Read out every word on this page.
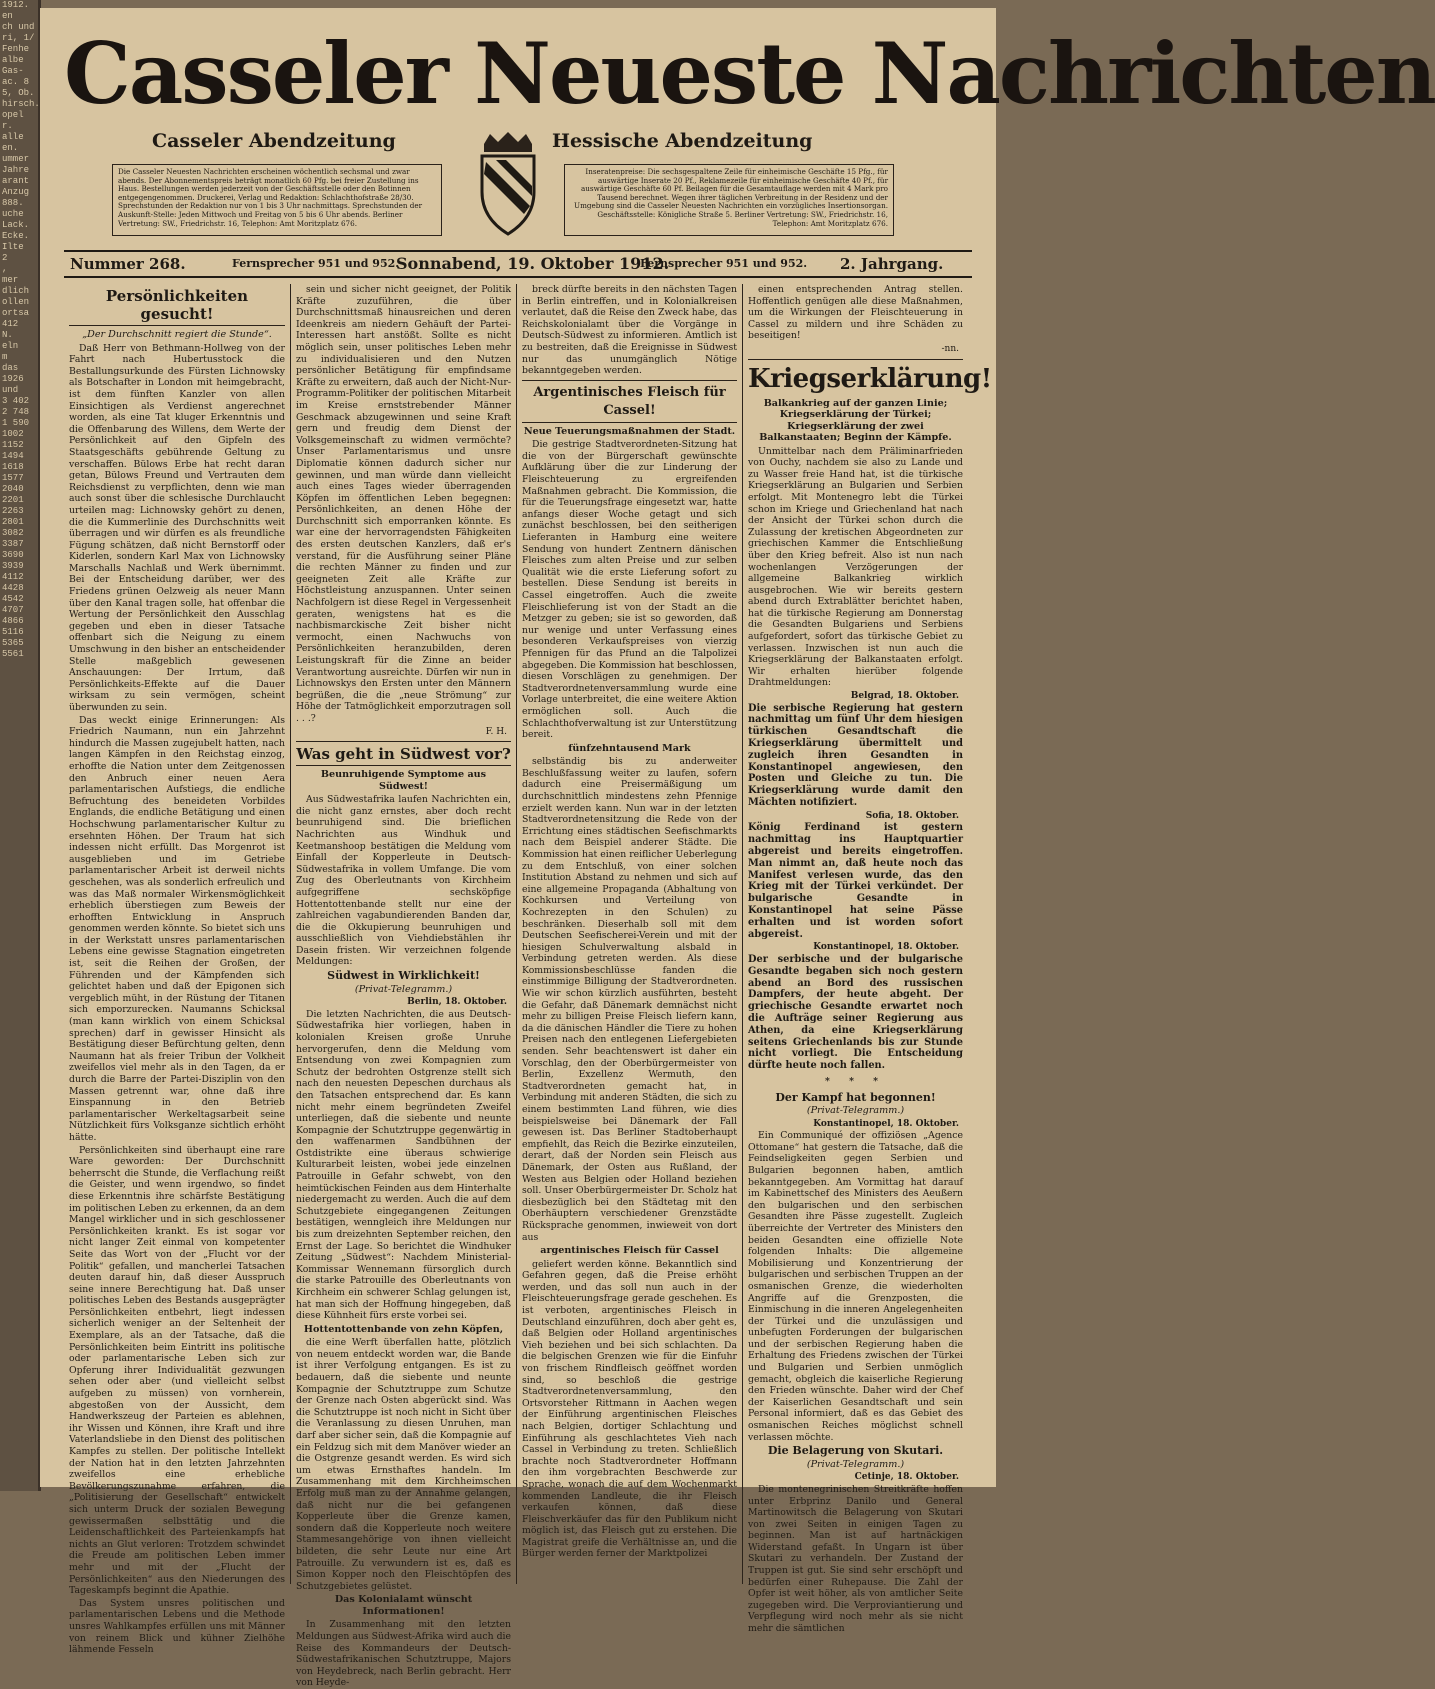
1912.
en
ch und
ri, 1/
Fenhe
albe
Gas-
ac. 8
5, Ob.
hirsch.
opel
r.
alle
en.
ummer
Jahre
arant
Anzug
888.
uche
Lack.
Ecke.
Ilte
2
,
mer
dlich
ollen
ortsa
412
N.
eln
m
das
1926
und
3 402
2 748
1 590
1002
1152
1494
1618
1577
2040
2201
2263
2801
3082
3387
3690
3939
4112
4428
4542
4707
4866
5116
5365
5561
Casseler Neueste Nachrichten
Casseler Abendzeitung	Hessische Abendzeitung
Die Casseler Neuesten Nachrichten erscheinen wöchentlich sechsmal und zwar abends. Der Abonnementspreis beträgt monatlich 60 Pfg. bei freier Zustellung ins Haus. Bestellungen werden jederzeit von der Geschäftsstelle oder den Botinnen entgegengenommen. Druckerei, Verlag und Redaktion: Schlachthofstraße 28/30. Sprechstunden der Redaktion nur von 1 bis 3 Uhr nachmittags. Sprechstunden der Auskunft-Stelle: Jeden Mittwoch und Freitag von 5 bis 6 Uhr abends. Berliner Vertretung: SW., Friedrichstr. 16, Telephon: Amt Moritzplatz 676.
Inseratenpreise: Die sechsgespaltene Zeile für einheimische Geschäfte 15 Pfg., für auswärtige Inserate 20 Pf., Reklamezeile für einheimische Geschäfte 40 Pf., für auswärtige Geschäfte 60 Pf. Beilagen für die Gesamtauflage werden mit 4 Mark pro Tausend berechnet. Wegen ihrer täglichen Verbreitung in der Residenz und der Umgebung sind die Casseler Neuesten Nachrichten ein vorzügliches Insertionsorgan. Geschäftsstelle: Königliche Straße 5. Berliner Vertretung: SW., Friedrichstr. 16, Telephon: Amt Moritzplatz 676.
Nummer 268.	Fernsprecher 951 und 952.
Sonnabend, 19. Oktober 1912.
Fernsprecher 951 und 952. 2. Jahrgang.
Persönlichkeiten gesucht!
„Der Durchschnitt regiert die Stunde“.

Daß Herr von Bethmann-Hollweg von der Fahrt nach Hubertusstock die Bestallungsurkunde des Fürsten Lichnowsky als Botschafter in London mit heimgebracht, ist dem fünften Kanzler von allen Einsichtigen als Verdienst angerechnet worden, als eine Tat kluger Erkenntnis und die Offenbarung des Willens, dem Werte der Persönlichkeit auf den Gipfeln des Staatsgeschäfts gebührende Geltung zu verschaffen. Bülows Erbe hat recht daran getan, Bülows Freund und Vertrauten dem Reichsdienst zu verpflichten, denn wie man auch sonst über die schlesische Durchlaucht urteilen mag: Lichnowsky gehört zu denen, die die Kummerlinie des Durchschnitts weit überragen und wir dürfen es als freundliche Fügung schätzen, daß nicht Bernstorff oder Kiderlen, sondern Karl Max von Lichnowsky Marschalls Nachlaß und Werk übernimmt. Bei der Entscheidung darüber, wer des Friedens grünen Oelzweig als neuer Mann über den Kanal tragen solle, hat offenbar die Wertung der Persönlichkeit den Ausschlag gegeben und eben in dieser Tatsache offenbart sich die Neigung zu einem Umschwung in den bisher an entscheidender Stelle maßgeblich gewesenen Anschauungen: Der Irrtum, daß Persönlichkeits-Effekte auf die Dauer wirksam zu sein vermögen, scheint überwunden zu sein.

Das weckt einige Erinnerungen: Als Friedrich Naumann, nun ein Jahrzehnt hindurch die Massen zugejubelt hatten, nach langen Kämpfen in den Reichstag einzog, erhoffte die Nation unter dem Zeitgenossen den Anbruch einer neuen Aera parlamentarischen Aufstiegs, die endliche Befruchtung des beneideten Vorbildes Englands, die endliche Betätigung und einen Hochschwung parlamentarischer Kultur zu ersehnten Höhen. Der Traum hat sich indessen nicht erfüllt. Das Morgenrot ist ausgeblieben und im Getriebe parlamentarischer Arbeit ist derweil nichts geschehen, was als sonderlich erfreulich und was das Maß normaler Wirkensmöglichkeit erheblich überstiegen zum Beweis der erhofften Entwicklung in Anspruch genommen werden könnte. So bietet sich uns in der Werkstatt unsres parlamentarischen Lebens eine gewisse Stagnation eingetreten ist, seit die Reihen der Großen, der Führenden und der Kämpfenden sich gelichtet haben und daß der Epigonen sich vergeblich müht, in der Rüstung der Titanen sich emporzurecken. Naumanns Schicksal (man kann wirklich von einem Schicksal sprechen) darf in gewisser Hinsicht als Bestätigung dieser Befürchtung gelten, denn Naumann hat als freier Tribun der Volkheit zweifellos viel mehr als in den Tagen, da er durch die Barre der Partei-Disziplin von den Massen getrennt war, ohne daß ihre Einspannung in den Betrieb parlamentarischer Werkeltagsarbeit seine Nützlichkeit fürs Volksganze sichtlich erhöht hätte.

Persönlichkeiten sind überhaupt eine rare Ware geworden: Der Durchschnitt beherrscht die Stunde, die Verflachung reißt die Geister, und wenn irgendwo, so findet diese Erkenntnis ihre schärfste Bestätigung im politischen Leben zu erkennen, da an dem Mangel wirklicher und in sich geschlossener Persönlichkeiten krankt. Es ist sogar vor nicht langer Zeit einmal von kompetenter Seite das Wort von der „Flucht vor der Politik“ gefallen, und mancherlei Tatsachen deuten darauf hin, daß dieser Ausspruch seine innere Berechtigung hat. Daß unser politisches Leben des Bestands ausgeprägter Persönlichkeiten entbehrt, liegt indessen sicherlich weniger an der Seltenheit der Exemplare, als an der Tatsache, daß die Persönlichkeiten beim Eintritt ins politische oder parlamentarische Leben sich zur Opferung ihrer Individualität gezwungen sehen oder aber (und vielleicht selbst aufgeben zu müssen) von vornherein, abgestoßen von der Aussicht, dem Handwerkszeug der Parteien es ablehnen, ihr Wissen und Können, ihre Kraft und ihre Vaterlandsliebe in den Dienst des politischen Kampfes zu stellen. Der politische Intellekt der Nation hat in den letzten Jahrzehnten zweifellos eine erhebliche Bevölkerungszunahme erfahren, die „Politisierung der Gesellschaft“ entwickelt sich unterm Druck der sozialen Bewegung gewissermaßen selbsttätig und die Leidenschaftlichkeit des Parteienkampfs hat nichts an Glut verloren: Trotzdem schwindet die Freude am politischen Leben immer mehr und mit der „Flucht der Persönlichkeiten“ aus den Niederungen des Tageskampfs beginnt die Apathie.

Das System unsres politischen und parlamentarischen Lebens und die Methode unsres Wahlkampfes erfüllen uns mit Männer von reinem Blick und kühner Zielhöhe lähmende Fesseln

sein und sicher nicht geeignet, der Politik Kräfte zuzuführen, die über Durchschnittsmaß hinausreichen und deren Ideenkreis am niedern Gehäuft der Partei-Interessen hart anstößt. Sollte es nicht möglich sein, unser politisches Leben mehr zu individualisieren und den Nutzen persönlicher Betätigung für empfindsame Kräfte zu erweitern, daß auch der Nicht-Nur-Programm-Politiker der politischen Mitarbeit im Kreise ernststrebender Männer Geschmack abzugewinnen und seine Kraft gern und freudig dem Dienst der Volksgemeinschaft zu widmen vermöchte? Unser Parlamentarismus und unsre Diplomatie können dadurch sicher nur gewinnen, und man würde dann vielleicht auch eines Tages wieder überragenden Köpfen im öffentlichen Leben begegnen: Persönlichkeiten, an denen Höhe der Durchschnitt sich emporranken könnte. Es war eine der hervorragendsten Fähigkeiten des ersten deutschen Kanzlers, daß er's verstand, für die Ausführung seiner Pläne die rechten Männer zu finden und zur geeigneten Zeit alle Kräfte zur Höchstleistung anzuspannen. Unter seinen Nachfolgern ist diese Regel in Vergessenheit geraten, wenigstens hat es die nachbismarckische Zeit bisher nicht vermocht, einen Nachwuchs von Persönlichkeiten heranzubilden, deren Leistungskraft für die Zinne an beider Verantwortung ausreichte. Dürfen wir nun in Lichnowskys den Ersten unter den Männern begrüßen, die die „neue Strömung“ zur Höhe der Tatmöglichkeit emporzutragen soll . . .?

F. H.
Was geht in Südwest vor?
Beunruhigende Symptome aus Südwest!

Aus Südwestafrika laufen Nachrichten ein, die nicht ganz ernstes, aber doch recht beunruhigend sind. Die brieflichen Nachrichten aus Windhuk und Keetmanshoop bestätigen die Meldung vom Einfall der Kopperleute in Deutsch-Südwestafrika in vollem Umfange. Die vom Zug des Oberleutnants von Kirchheim aufgegriffene sechsköpfige Hottentottenbande stellt nur eine der zahlreichen vagabundierenden Banden dar, die die Okkupierung beunruhigen und ausschließlich von Viehdiebstählen ihr Dasein fristen. Wir verzeichnen folgende Meldungen:

Südwest in Wirklichkeit!
(Privat-Telegramm.)
Berlin, 18. Oktober.

Die letzten Nachrichten, die aus Deutsch-Südwestafrika hier vorliegen, haben in kolonialen Kreisen große Unruhe hervorgerufen, denn die Meldung vom Entsendung von zwei Kompagnien zum Schutz der bedrohten Ostgrenze stellt sich nach den neuesten Depeschen durchaus als den Tatsachen entsprechend dar. Es kann nicht mehr einem begründeten Zweifel unterliegen, daß die siebente und neunte Kompagnie der Schutztruppe gegenwärtig in den waffenarmen Sandbühnen der Ostdistrikte eine überaus schwierige Kulturarbeit leisten, wobei jede einzelnen Patrouille in Gefahr schwebt, von den heimtückischen Feinden aus dem Hinterhalte niedergemacht zu werden. Auch die auf dem Schutzgebiete eingegangenen Zeitungen bestätigen, wenngleich ihre Meldungen nur bis zum dreizehnten September reichen, den Ernst der Lage. So berichtet die Windhuker Zeitung „Südwest“: Nachdem Ministerial-Kommissar Wennemann fürsorglich durch die starke Patrouille des Oberleutnants von Kirchheim ein schwerer Schlag gelungen ist, hat man sich der Hoffnung hingegeben, daß diese Kühnheit fürs erste vorbei sei.

Hottentottenbande von zehn Köpfen,

die eine Werft überfallen hatte, plötzlich von neuem entdeckt worden war, die Bande ist ihrer Verfolgung entgangen. Es ist zu bedauern, daß die siebente und neunte Kompagnie der Schutztruppe zum Schutze der Grenze nach Osten abgerückt sind. Was die Schutztruppe ist noch nicht in Sicht über die Veranlassung zu diesen Unruhen, man darf aber sicher sein, daß die Kompagnie auf ein Feldzug sich mit dem Manöver wieder an die Ostgrenze gesandt werden. Es wird sich um etwas Ernsthaftes handeln. Im Zusammenhang mit dem Kirchheimschen Erfolg muß man zu der Annahme gelangen, daß nicht nur die bei gefangenen Kopperleute über die Grenze kamen, sondern daß die Kopperleute noch weitere Stammesangehörige von ihnen vielleicht bildeten, die sehr Leute nur eine Art Patrouille. Zu verwundern ist es, daß es Simon Kopper noch den Fleischtöpfen des Schutzgebietes gelüstet.

Das Kolonialamt wünscht Informationen!

In Zusammenhang mit den letzten Meldungen aus Südwest-Afrika wird auch die Reise des Kommandeurs der Deutsch-Südwestafrikanischen Schutztruppe, Majors von Heydebreck, nach Berlin gebracht. Herr von Heyde-

breck dürfte bereits in den nächsten Tagen in Berlin eintreffen, und in Kolonialkreisen verlautet, daß die Reise den Zweck habe, das Reichskolonialamt über die Vorgänge in Deutsch-Südwest zu informieren. Amtlich ist zu bestreiten, daß die Ereignisse in Südwest nur das unumgänglich Nötige bekanntgegeben werden.

Argentinisches Fleisch für Cassel!
Neue Teuerungsmaßnahmen der Stadt.

Die gestrige Stadtverordneten-Sitzung hat die von der Bürgerschaft gewünschte Aufklärung über die zur Linderung der Fleischteuerung zu ergreifenden Maßnahmen gebracht. Die Kommission, die für die Teuerungsfrage eingesetzt war, hatte anfangs dieser Woche getagt und sich zunächst beschlossen, bei den seitherigen Lieferanten in Hamburg eine weitere Sendung von hundert Zentnern dänischen Fleisches zum alten Preise und zur selben Qualität wie die erste Lieferung sofort zu bestellen. Diese Sendung ist bereits in Cassel eingetroffen. Auch die zweite Fleischlieferung ist von der Stadt an die Metzger zu geben; sie ist so geworden, daß nur wenige und unter Verfassung eines besonderen Verkaufspreises von vierzig Pfennigen für das Pfund an die Talpolizei abgegeben. Die Kommission hat beschlossen, diesen Vorschlägen zu genehmigen. Der Stadtverordnetenversammlung wurde eine Vorlage unterbreitet, die eine weitere Aktion ermöglichen soll. Auch die Schlachthofverwaltung ist zur Unterstützung bereit.

fünfzehntausend Mark

selbständig bis zu anderweiter Beschlußfassung weiter zu laufen, sofern dadurch eine Preisermäßigung um durchschnittlich mindestens zehn Pfennige erzielt werden kann. Nun war in der letzten Stadtverordnetensitzung die Rede von der Errichtung eines städtischen Seefischmarkts nach dem Beispiel anderer Städte. Die Kommission hat einen reiflicher Ueberlegung zu dem Entschluß, von einer solchen Institution Abstand zu nehmen und sich auf eine allgemeine Propaganda (Abhaltung von Kochkursen und Verteilung von Kochrezepten in den Schulen) zu beschränken. Dieserhalb soll mit dem Deutschen Seefischerei-Verein und mit der hiesigen Schulverwaltung alsbald in Verbindung getreten werden. Als diese Kommissionsbeschlüsse fanden die einstimmige Billigung der Stadtverordneten. Wie wir schon kürzlich ausführten, besteht die Gefahr, daß Dänemark demnächst nicht mehr zu billigen Preise Fleisch liefern kann, da die dänischen Händler die Tiere zu hohen Preisen nach den entlegenen Liefergebieten senden. Sehr beachtenswert ist daher ein Vorschlag, den der Oberbürgermeister von Berlin, Exzellenz Wermuth, den Stadtverordneten gemacht hat, in Verbindung mit anderen Städten, die sich zu einem bestimmten Land führen, wie dies beispielsweise bei Dänemark der Fall gewesen ist. Das Berliner Stadtoberhaupt empfiehlt, das Reich die Bezirke einzuteilen, derart, daß der Norden sein Fleisch aus Dänemark, der Osten aus Rußland, der Westen aus Belgien oder Holland beziehen soll. Unser Oberbürgermeister Dr. Scholz hat diesbezüglich bei den Städtetag mit den Oberhäuptern verschiedener Grenzstädte Rücksprache genommen, inwieweit von dort aus

argentinisches Fleisch für Cassel

geliefert werden könne. Bekanntlich sind Gefahren gegen, daß die Preise erhöht werden, und das soll nun auch in der Fleischteuerungsfrage gerade geschehen. Es ist verboten, argentinisches Fleisch in Deutschland einzuführen, doch aber geht es, daß Belgien oder Holland argentinisches Vieh beziehen und bei sich schlachten. Da die belgischen Grenzen wie für die Einfuhr von frischem Rindfleisch geöffnet worden sind, so beschloß die gestrige Stadtverordnetenversammlung, den Ortsvorsteher Rittmann in Aachen wegen der Einführung argentinischen Fleisches nach Belgien, dortiger Schlachtung und Einführung als geschlachtetes Vieh nach Cassel in Verbindung zu treten. Schließlich brachte noch Stadtverordneter Hoffmann den ihm vorgebrachten Beschwerde zur Sprache, wonach die auf dem Wochenmarkt kommenden Landleute, die ihr Fleisch verkaufen können, daß diese Fleischverkäufer das für den Publikum nicht möglich ist, das Fleisch gut zu erstehen. Die Magistrat greife die Verhältnisse an, und die Bürger werden ferner der Marktpolizei

einen entsprechenden Antrag stellen. Hoffentlich genügen alle diese Maßnahmen, um die Wirkungen der Fleischteuerung in Cassel zu mildern und ihre Schäden zu beseitigen!

-nn.
Kriegserklärung!
Balkankrieg auf der ganzen Linie; Kriegserklärung der Türkei; Kriegserklärung der zwei Balkanstaaten; Beginn der Kämpfe.

Unmittelbar nach dem Präliminarfrieden von Ouchy, nachdem sie also zu Lande und zu Wasser freie Hand hat, ist die türkische Kriegserklärung an Bulgarien und Serbien erfolgt. Mit Montenegro lebt die Türkei schon im Kriege und Griechenland hat nach der Ansicht der Türkei schon durch die Zulassung der kretischen Abgeordneten zur griechischen Kammer die Entschließung über den Krieg befreit. Also ist nun nach wochenlangen Verzögerungen der allgemeine Balkankrieg wirklich ausgebrochen. Wie wir bereits gestern abend durch Extrablätter berichtet haben, hat die türkische Regierung am Donnerstag die Gesandten Bulgariens und Serbiens aufgefordert, sofort das türkische Gebiet zu verlassen. Inzwischen ist nun auch die Kriegserklärung der Balkanstaaten erfolgt. Wir erhalten hierüber folgende Drahtmeldungen:

Belgrad, 18. Oktober.

Die serbische Regierung hat gestern nachmittag um fünf Uhr dem hiesigen türkischen Gesandtschaft die Kriegserklärung übermittelt und zugleich ihren Gesandten in Konstantinopel angewiesen, den Posten und Gleiche zu tun. Die Kriegserklärung wurde damit den Mächten notifiziert.

Sofia, 18. Oktober.

König Ferdinand ist gestern nachmittag ins Hauptquartier abgereist und bereits eingetroffen. Man nimmt an, daß heute noch das Manifest verlesen wurde, das den Krieg mit der Türkei verkündet. Der bulgarische Gesandte in Konstantinopel hat seine Pässe erhalten und ist worden sofort abgereist.

Konstantinopel, 18. Oktober.

Der serbische und der bulgarische Gesandte begaben sich noch gestern abend an Bord des russischen Dampfers, der heute abgeht. Der griechische Gesandte erwartet noch die Aufträge seiner Regierung aus Athen, da eine Kriegserklärung seitens Griechenlands bis zur Stunde nicht vorliegt. Die Entscheidung dürfte heute noch fallen.

* * *
Der Kampf hat begonnen!
(Privat-Telegramm.)
Konstantinopel, 18. Oktober.

Ein Communiqué der offiziösen „Agence Ottomane“ hat gestern die Tatsache, daß die Feindseligkeiten gegen Serbien und Bulgarien begonnen haben, amtlich bekanntgegeben. Am Vormittag hat darauf im Kabinettschef des Ministers des Aeußern den bulgarischen und den serbischen Gesandten ihre Pässe zugestellt. Zugleich überreichte der Vertreter des Ministers den beiden Gesandten eine offizielle Note folgenden Inhalts: Die allgemeine Mobilisierung und Konzentrierung der bulgarischen und serbischen Truppen an der osmanischen Grenze, die wiederholten Angriffe auf die Grenzposten, die Einmischung in die inneren Angelegenheiten der Türkei und die unzulässigen und unbefugten Forderungen der bulgarischen und der serbischen Regierung haben die Erhaltung des Friedens zwischen der Türkei und Bulgarien und Serbien unmöglich gemacht, obgleich die kaiserliche Regierung den Frieden wünschte. Daher wird der Chef der Kaiserlichen Gesandtschaft und sein Personal informiert, daß es das Gebiet des osmanischen Reiches möglichst schnell verlassen möchte.

Die Belagerung von Skutari.
(Privat-Telegramm.)
Cetinje, 18. Oktober.

Die montenegrinischen Streitkräfte hoffen unter Erbprinz Danilo und General Martinowitsch die Belagerung von Skutari von zwei Seiten in einigen Tagen zu beginnen. Man ist auf hartnäckigen Widerstand gefaßt. In Ungarn ist über Skutari zu verhandeln. Der Zustand der Truppen ist gut. Sie sind sehr erschöpft und bedürfen einer Ruhepause. Die Zahl der Opfer ist weit höher, als von amtlicher Seite zugegeben wird. Die Verproviantierung und Verpflegung wird noch mehr als sie nicht mehr die sämtlichen
